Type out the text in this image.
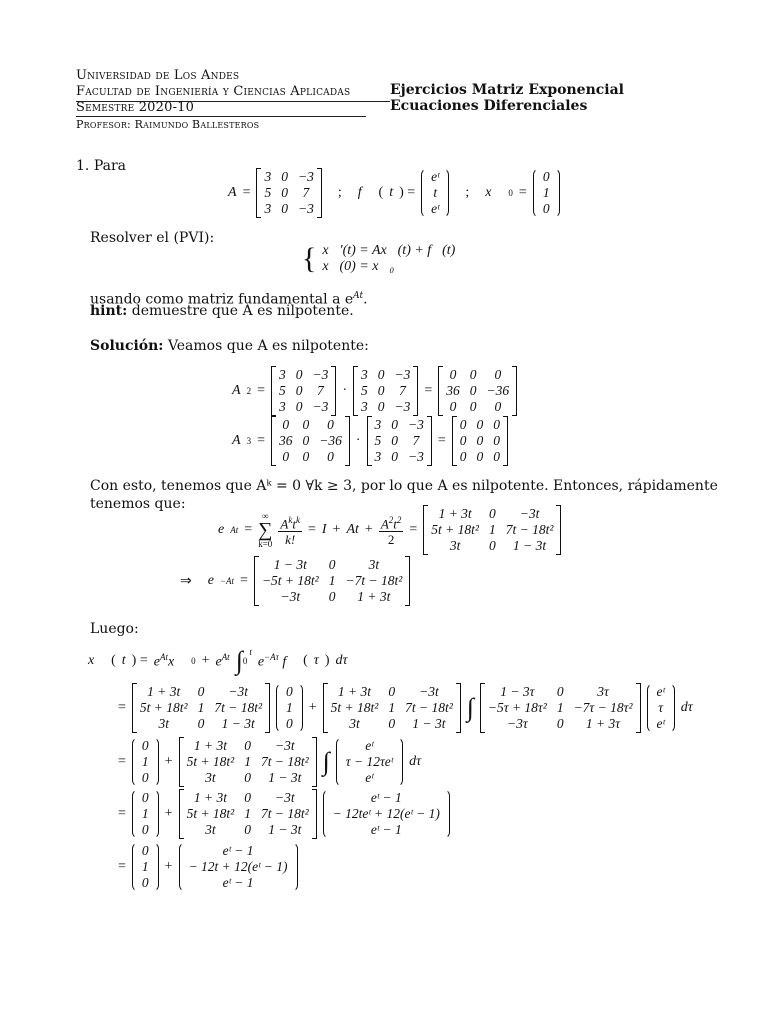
Universidad de Los Andes
Facultad de Ingeniería y Ciencias Aplicadas
Semestre 2020-10
Profesor: Raimundo Ballesteros
Ejercicios Matriz Exponencial
Ecuaciones Diferenciales
1. Para
A =
3 0 −3
5 0	7
3 0 −3
; f⃗ ( t ) =
eᵗ
t
eᵗ
; x⃗ 0 =
0
1
0
Resolver el (PVI):
{ x⃗′(t) = Ax⃗(t) + f⃗(t)
x⃗(0) = x⃗₀
usando como matriz fundamental a $e^{At}$.
hint: demuestre que A es nilpotente.
Solución: Veamos que A es nilpotente:
A 2 =
3 0 −3
5 0	7
3 0 −3
·
3 0 −3
5 0	7
3 0 −3
=
0 0	0
36 0 −36
0 0	0
A 3 =
0 0	0
36 0 −36
0 0	0
·
3 0 −3
5 0	7
3 0 −3
=
0 0 0
0 0 0
0 0 0
Con esto, tenemos que Aᵏ = 0 ∀k ≥ 3, por lo que A es nilpotente. Entonces, rápidamente tenemos que:
e At =
∞
∑
$k=0 \frac{A^kt^k}{k!} = I + At + \frac{A^2t^2}{2}$ =
1 + 3t	0	−3t
5t + 18t² 1 7t − 18t²
3t	0	1 − 3t
⇒ e −At =
1 − 3t	0	3t
−5t + 18t² 1 −7t − 18t²
−3t	0	1 + 3t
Luego:
x⃗ ( t ) = $e^{At}x⃗$ $0 + e^{At}$ ∫ 0
$^t$
$e^{-A\tau}$ f⃗ ( τ ) dτ
=
1 + 3t	0	−3t
5t + 18t² 1 7t − 18t²
3t	0	1 − 3t
0
1
0
+
1 + 3t	0	−3t
5t + 18t² 1 7t − 18t²
3t	0	1 − 3t
∫
1 − 3τ	0	3τ
−5τ + 18τ² 1 −7τ − 18τ²
−3τ	0	1 + 3τ
eᵗ
τ
eᵗ
dτ
=
0
1
0
+
1 + 3t	0	−3t
5t + 18t² 1 7t − 18t²
3t	0	1 − 3t
∫
eᵗ
τ − 12τeᵗ
eᵗ
dτ
=
0
1
0
+
1 + 3t	0	−3t
5t + 18t² 1 7t − 18t²
3t	0	1 − 3t
eᵗ − 1
− 12teᵗ + 12(eᵗ − 1)
eᵗ − 1
=
0
1
0
+
eᵗ − 1
− 12t + 12(eᵗ − 1)
eᵗ − 1
